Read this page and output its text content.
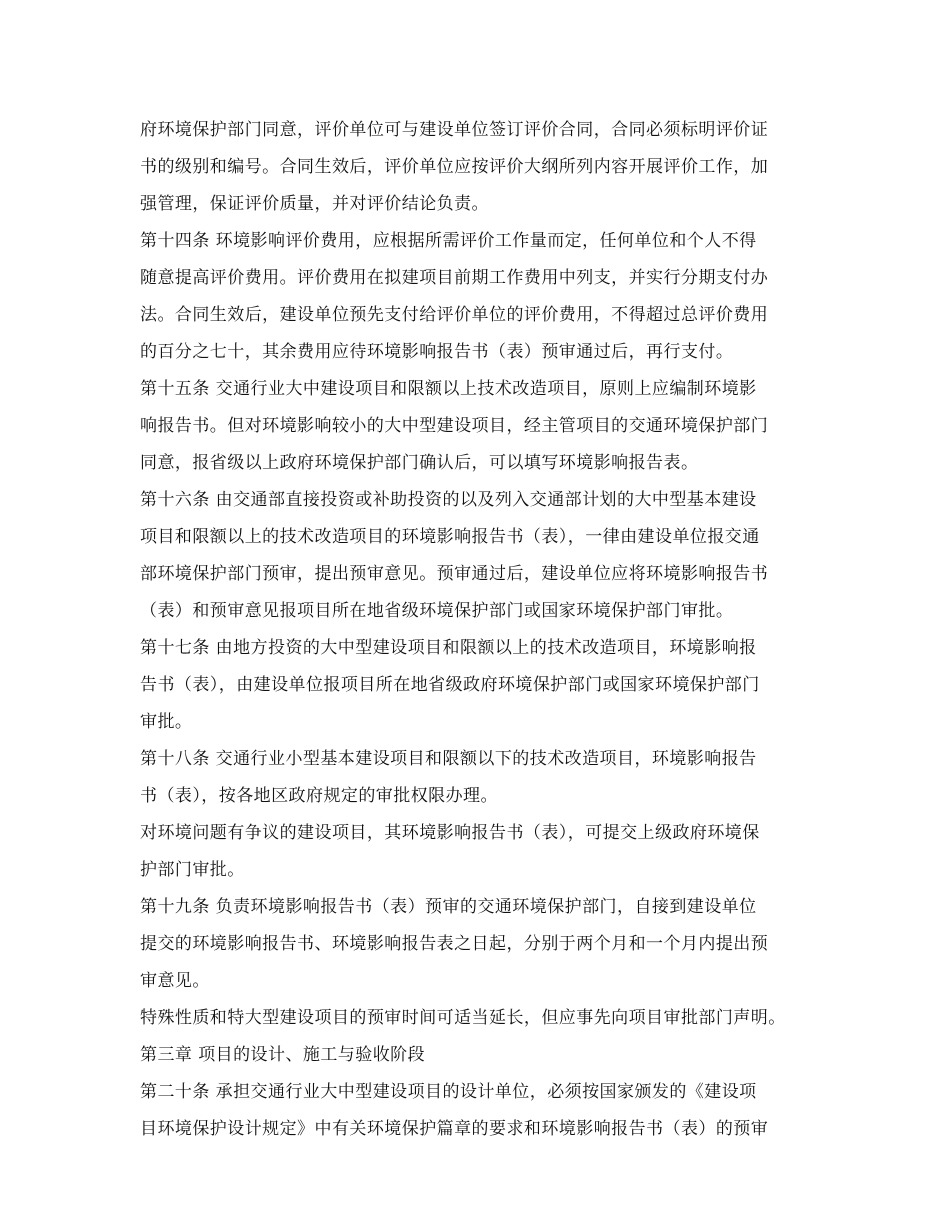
府环境保护部门同意，评价单位可与建设单位签订评价合同，合同必须标明评价证
书的级别和编号。合同生效后，评价单位应按评价大纲所列内容开展评价工作，加
强管理，保证评价质量，并对评价结论负责。
第十四条 环境影响评价费用，应根据所需评价工作量而定，任何单位和个人不得
随意提高评价费用。评价费用在拟建项目前期工作费用中列支，并实行分期支付办
法。合同生效后，建设单位预先支付给评价单位的评价费用，不得超过总评价费用
的百分之七十，其余费用应待环境影响报告书（表）预审通过后，再行支付。
第十五条 交通行业大中建设项目和限额以上技术改造项目，原则上应编制环境影
响报告书。但对环境影响较小的大中型建设项目，经主管项目的交通环境保护部门
同意，报省级以上政府环境保护部门确认后，可以填写环境影响报告表。
第十六条 由交通部直接投资或补助投资的以及列入交通部计划的大中型基本建设
项目和限额以上的技术改造项目的环境影响报告书（表），一律由建设单位报交通
部环境保护部门预审，提出预审意见。预审通过后，建设单位应将环境影响报告书
（表）和预审意见报项目所在地省级环境保护部门或国家环境保护部门审批。
第十七条 由地方投资的大中型建设项目和限额以上的技术改造项目，环境影响报
告书（表），由建设单位报项目所在地省级政府环境保护部门或国家环境保护部门
审批。
第十八条 交通行业小型基本建设项目和限额以下的技术改造项目，环境影响报告
书（表），按各地区政府规定的审批权限办理。
对环境问题有争议的建设项目，其环境影响报告书（表），可提交上级政府环境保
护部门审批。
第十九条 负责环境影响报告书（表）预审的交通环境保护部门，自接到建设单位
提交的环境影响报告书、环境影响报告表之日起，分别于两个月和一个月内提出预
审意见。
特殊性质和特大型建设项目的预审时间可适当延长，但应事先向项目审批部门声明。
第三章 项目的设计、施工与验收阶段
第二十条 承担交通行业大中型建设项目的设计单位，必须按国家颁发的《建设项
目环境保护设计规定》中有关环境保护篇章的要求和环境影响报告书（表）的预审
